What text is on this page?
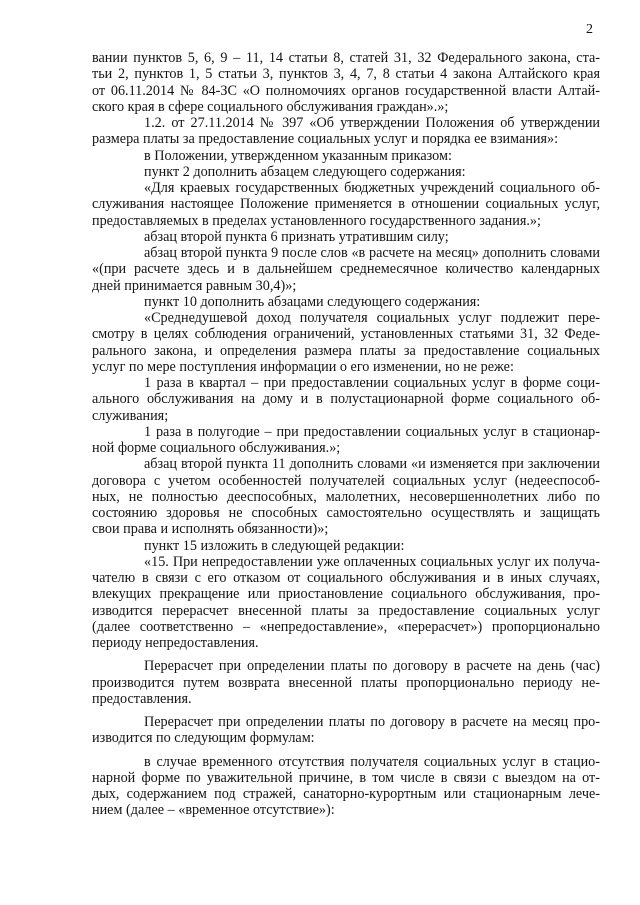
2
вании пунктов 5, 6, 9 – 11, 14 статьи 8, статей 31, 32 Федерального закона, ста-
тьи 2, пунктов 1, 5 статьи 3, пунктов 3, 4, 7, 8 статьи 4 закона Алтайского края
от 06.11.2014 № 84-ЗС «О полномочиях органов государственной власти Алтай-
ского края в сфере социального обслуживания граждан».»;
1.2. от 27.11.2014 № 397 «Об утверждении Положения об утверждении
размера платы за предоставление социальных услуг и порядка ее взимания»:
в Положении, утвержденном указанным приказом:
пункт 2 дополнить абзацем следующего содержания:
«Для краевых государственных бюджетных учреждений социального об-
служивания настоящее Положение применяется в отношении социальных услуг,
предоставляемых в пределах установленного государственного задания.»;
абзац второй пункта 6 признать утратившим силу;
абзац второй пункта 9 после слов «в расчете на месяц» дополнить словами
«(при расчете здесь и в дальнейшем среднемесячное количество календарных
дней принимается равным 30,4)»;
пункт 10 дополнить абзацами следующего содержания:
«Среднедушевой доход получателя социальных услуг подлежит пере-
смотру в целях соблюдения ограничений, установленных статьями 31, 32 Феде-
рального закона, и определения размера платы за предоставление социальных
услуг по мере поступления информации о его изменении, но не реже:
1 раза в квартал – при предоставлении социальных услуг в форме соци-
ального обслуживания на дому и в полустационарной форме социального об-
служивания;
1 раза в полугодие – при предоставлении социальных услуг в стационар-
ной форме социального обслуживания.»;
абзац второй пункта 11 дополнить словами «и изменяется при заключении
договора с учетом особенностей получателей социальных услуг (недееспособ-
ных, не полностью дееспособных, малолетних, несовершеннолетних либо по
состоянию здоровья не способных самостоятельно осуществлять и защищать
свои права и исполнять обязанности)»;
пункт 15 изложить в следующей редакции:
«15. При непредоставлении уже оплаченных социальных услуг их получа-
чателю в связи с его отказом от социального обслуживания и в иных случаях,
влекущих прекращение или приостановление социального обслуживания, про-
изводится перерасчет внесенной платы за предоставление социальных услуг
(далее соответственно – «непредоставление», «перерасчет») пропорционально
периоду непредоставления.
Перерасчет при определении платы по договору в расчете на день (час)
производится путем возврата внесенной платы пропорционально периоду не-
предоставления.
Перерасчет при определении платы по договору в расчете на месяц про-
изводится по следующим формулам:
в случае временного отсутствия получателя социальных услуг в стацио-
нарной форме по уважительной причине, в том числе в связи с выездом на от-
дых, содержанием под стражей, санаторно-курортным или стационарным лече-
нием (далее – «временное отсутствие»):
